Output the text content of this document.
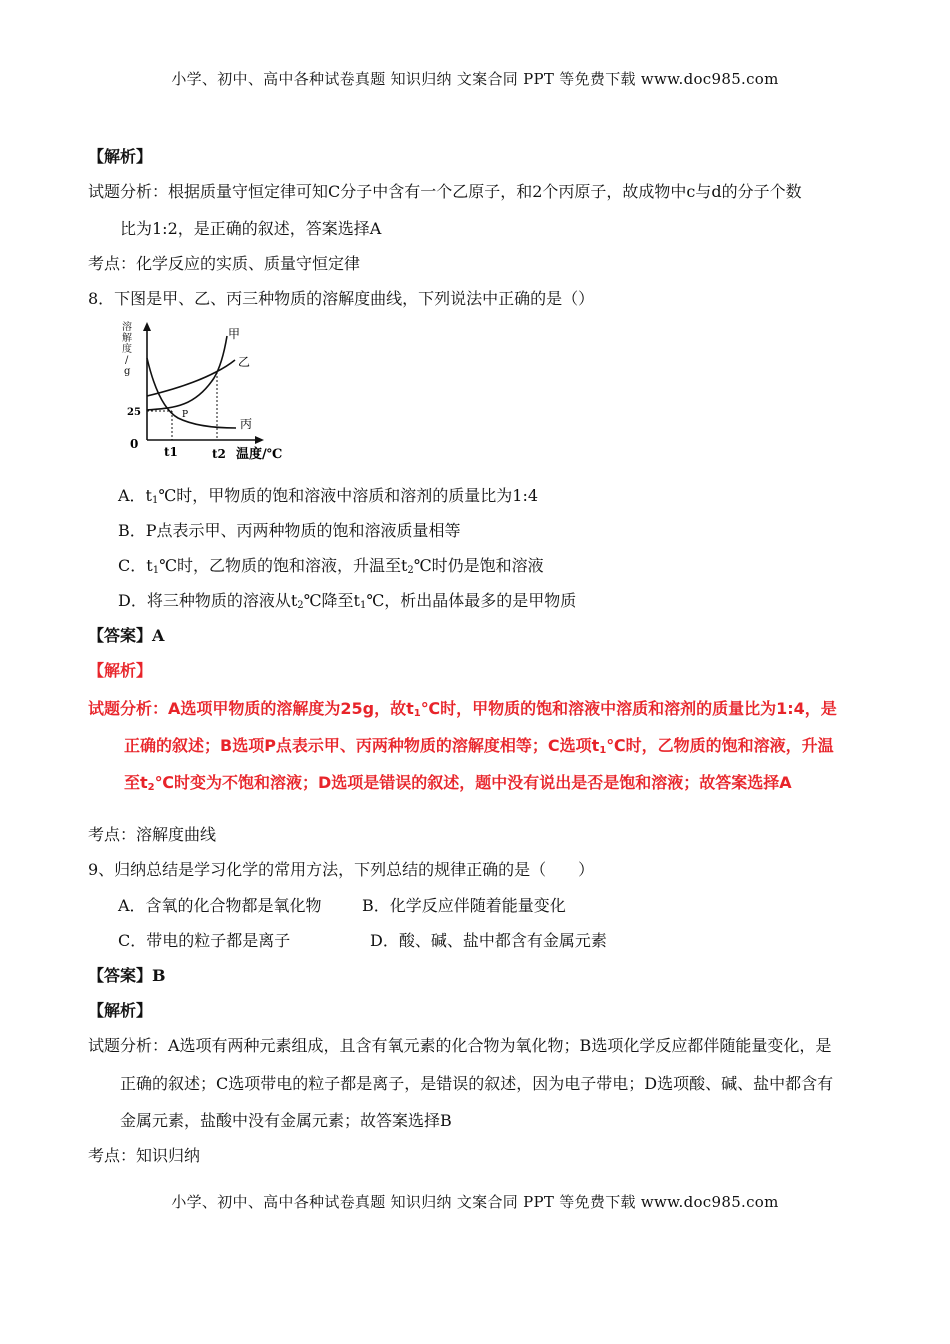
小学、初中、高中各种试卷真题 知识归纳 文案合同 PPT 等免费下载 www.doc985.com
【解析】
试题分析：根据质量守恒定律可知C分子中含有一个乙原子，和2个丙原子，故成物中c与d的分子个数
比为1:2，是正确的叙述，答案选择A
考点：化学反应的实质、质量守恒定律
8．下图是甲、乙、丙三种物质的溶解度曲线，下列说法中正确的是（）
溶解度/ g
25
0
t1	t2 温度/℃
P
甲
乙
丙
A．$t_1℃$时，甲物质的饱和溶液中溶质和溶剂的质量比为1:4
B．P点表示甲、丙两种物质的饱和溶液质量相等
C．$t_1℃$时，乙物质的饱和溶液，升温至$t_2℃$时仍是饱和溶液
D．将三种物质的溶液从$t_2℃$降至$t_1℃$，析出晶体最多的是甲物质
【答案】A
【解析】
试题分析：A选项甲物质的溶解度为25g，故$t_1℃$时，甲物质的饱和溶液中溶质和溶剂的质量比为1:4，是
正确的叙述；B选项P点表示甲、丙两种物质的溶解度相等；C选项$t_1℃$时，乙物质的饱和溶液，升温
至$t_2℃$时变为不饱和溶液；D选项是错误的叙述，题中没有说出是否是饱和溶液；故答案选择A
考点：溶解度曲线
9、归纳总结是学习化学的常用方法，下列总结的规律正确的是（　　）
A．含氧的化合物都是氧化物	B．化学反应伴随着能量变化
C．带电的粒子都是离子	D．酸、碱、盐中都含有金属元素
【答案】B
【解析】
试题分析：A选项有两种元素组成，且含有氧元素的化合物为氧化物；B选项化学反应都伴随能量变化，是
正确的叙述；C选项带电的粒子都是离子，是错误的叙述，因为电子带电；D选项酸、碱、盐中都含有
金属元素，盐酸中没有金属元素；故答案选择B
考点：知识归纳
小学、初中、高中各种试卷真题 知识归纳 文案合同 PPT 等免费下载 www.doc985.com
